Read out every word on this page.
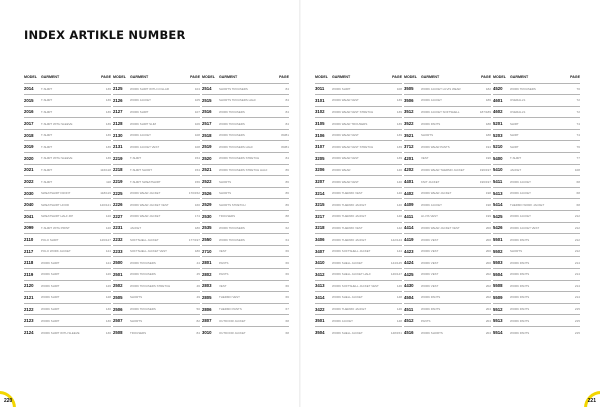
INDEX ARTIKLE NUMBER
MODEL	GARMENT	PAGE
2014	T-SHIRT	136
2015	T-SHIRT	136
2016	T-SHIRT	136
2017	T-SHIRT WITH SLEEVE	136
2018	T-SHIRT	136
2019	T-SHIRT	136
2020	T-SHIRT WITH SLEEVE	136
2021	T-SHIRT	116/118
2022	T-SHIRT	118
2030	SWEATSHIRT FRONT	118/119
2040	SWEATSHIRT HOOD	120/121
2041	SWEATSHIRT HALF ZIP	120
2099	T-SHIRT WITH PRINT	120
2110	POLO SHIRT	126/127
2117	POLO WORK JACKET	124
2118	WORK SHIRT	124
2119	WORK SHIRT	126
2120	WORK SHIRT	126
2121	WORK SHIRT	128
2122	WORK SHIRT	130
2123	WORK SHIRT	130
2124	WORK SHIRT WITH SLEEVE	130
MODEL	GARMENT	PAGE
2125	WORK SHIRT WITH COLLAR	104
2126	WORK JACKET	105
2127	WORK SHIRT	107
2128	WORK SHIRT SLIM	106
2130	WORK JACKET	108
2131	WORK JACKET VEST	108
2219	T-SHIRT	154
2218	T-SHIRT SHORT	154
2219	T-SHIRT SWEATSHIRT	156
2225	WORK WEAR JACKET	170/152
2226	WORK WEAR JACKET VEST	160
2227	WORK WEAR JACKET	174
2231	JACKET	180
2232	SOFTSHELL JACKET	177/197
2233	SOFTSHELL JACKET VEST	180
2500	WORK TROUSERS	44
2501	WORK TROUSERS	45
2502	WORK TROUSERS STRETCH	46
2505	SHORTS	49
2506	WORK TROUSERS	50
2507	SHORTS	82
2508	TROUSERS	84
MODEL	GARMENT	PAGE
2514	SHORTS TROUSERS	84
2515	SHORTS TROUSERS HALF	84
2516	WORK TROUSERS	84
2517	WORK TROUSERS	84
2518	WORK TROUSERS	80/81
2519	WORK TROUSERS HALF	80/81
2520	WORK TROUSERS STRETCH	84
2521	WORK TROUSERS STRETCH HALF	86
2522	SHORTS	86
2526	SHORTS	86
2529	SHORTS STRETCH	86
2530	TROUSERS	88
2535	WORK TROUSERS	62
2550	WORK TROUSERS	64
2710	VEST	66
2801	PANTS	66
2802	PANTS	66
2803	VEST	66
2805	THERMO VEST	66
2806	THERMO PANTS	67
2807	OUTDOOR JACKET	68
3010	OUTDOOR JACKET	68
MODEL	GARMENT	PAGE
3011	WORK SHIRT	108
3101	WORK WEAR VEST	139
3102	WORK WEAR VEST STRETCH	139
3105	WORK WEAR TROUSERS	139
3106	WORK WEAR VEST	139
3107	WORK WEAR VEST STRETCH	139
3205	WORK WEAR VEST	139
3206	WORK WEAR	140
3207	WORK WEAR VEST	140
3214	WORK THERMO VEST	140
3215	WORK THERMO JACKET	140
3217	WORK THERMO JACKET	140
3218	WORK THERMO VEST	142
3406	WORK THERMO JACKET	142/144
3407	WORK SOFTSHELL JACKET	144
3410	WORK SHELL JACKET	144/145
3412	WORK SHELL JACKET HALF	146/147
3413	WORK SOFTSHELL JACKET VEST	146
3414	WORK SHELL JACKET	148
3422	WORK THERMO JACKET	146
3501	WORK JACKET	148
3504	WORK SHELL JACKET	148/151
MODEL	GARMENT	PAGE
3505	WORK JACKET HI-VIS WEAR	182
3506	WORK JACKET	186
3512	WORK JACKET SOFTSHELL	187/189
3522	WORK PANTS	188
3521	SHORTS	188
3712	WORK WEAR PANTS	194
4201	VEST	196
4202	WORK WEAR THERMO JACKET	196/197
4401	KNIT JACKET	196/197
4402	WORK WEAR JACKET	198
4409	WORK JACKET	198
4411	HI-VIS VEST	199
4414	WORK WEAR JACKET VEST	200
4419	WORK VEST	200
4423	WORK VEST	200
4424	WORK VEST	200
4425	WORK VEST	202
4430	WORK VEST	202
4504	WORK PANTS	202
4511	WORK PANTS	204
4512	PANTS	204
4516	WORK SHORTS	204
MODEL	GARMENT	PAGE
4520	WORK TROUSERS	70
4601	OVERALLS	72
4602	OVERALLS	72
5201	SHIRT	74
5203	SHIRT	74
5210	SHIRT	76
5400	T-SHIRT	77
5410	JACKET	108
5411	WORK JACKET	68
5413	WORK JACKET	68
5414	THERMO WORK JACKET	68
5425	WORK JACKET	212
5426	WORK JACKET VEST	212
5501	WORK PANTS	212
5502	SHORTS	212
5503	WORK PANTS	214
5504	WORK PANTS	214
5508	WORK PANTS	214
5509	WORK PANTS	214
5512	WORK PANTS	215
5513	WORK PANTS	215
5514	WORK PANTS	215
220	221
